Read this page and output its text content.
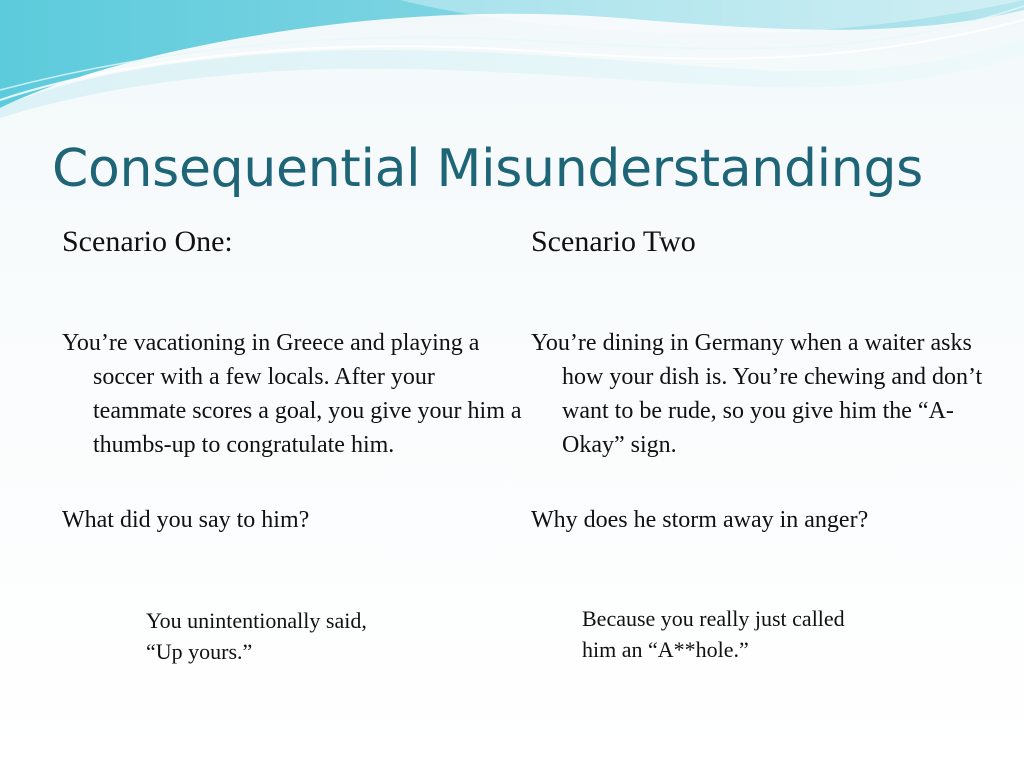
Consequential Misunderstandings
Scenario One:	Scenario Two

You’re vacationing in Greece and playing a soccer with a few locals. After your teammate scores a goal, you give your him a thumbs-up to congratulate him.

You’re dining in Germany when a waiter asks how your dish is. You’re chewing and don’t want to be rude, so you give him the “A-Okay” sign.

What did you say to him?	Why does he storm away in anger?

You unintentionally said,
“Up yours.”

Because you really just called
him an “A**hole.”
